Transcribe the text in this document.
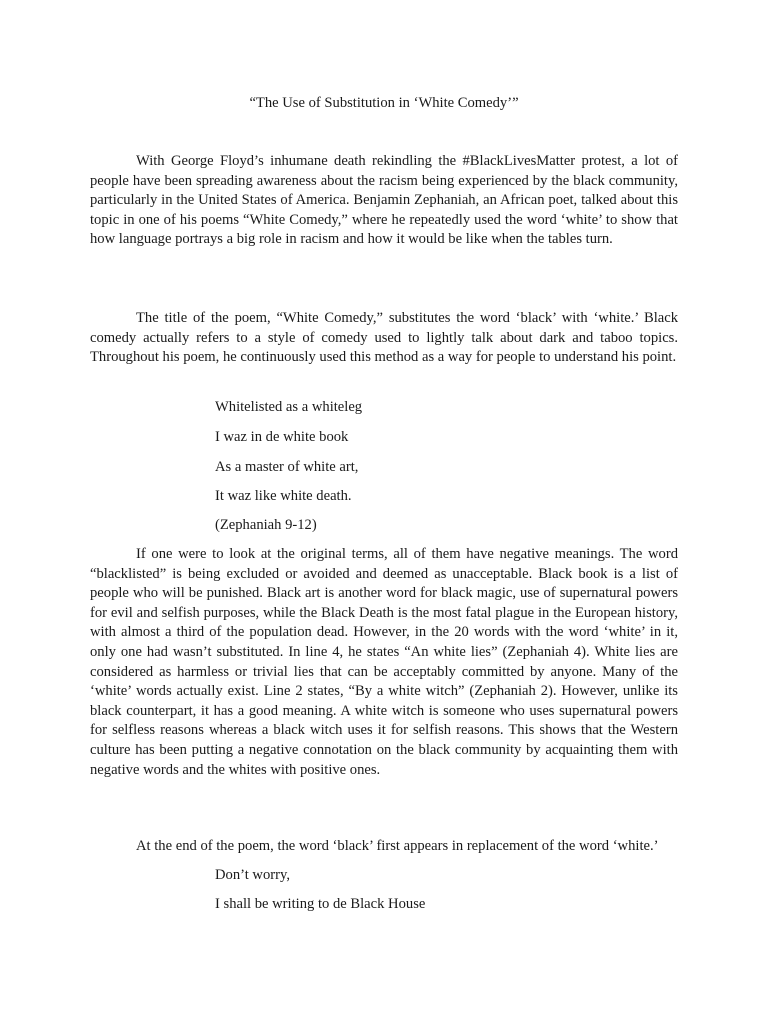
“The Use of Substitution in ‘White Comedy’”

With George Floyd’s inhumane death rekindling the #BlackLivesMatter protest, a lot of people have been spreading awareness about the racism being experienced by the black community, particularly in the United States of America. Benjamin Zephaniah, an African poet, talked about this topic in one of his poems “White Comedy,” where he repeatedly used the word ‘white’ to show that how language portrays a big role in racism and how it would be like when the tables turn.

The title of the poem, “White Comedy,” substitutes the word ‘black’ with ‘white.’ Black comedy actually refers to a style of comedy used to lightly talk about dark and taboo topics. Throughout his poem, he continuously used this method as a way for people to understand his point.

Whitelisted as a whiteleg
I waz in de white book
As a master of white art,
It waz like white death.
(Zephaniah 9-12)

If one were to look at the original terms, all of them have negative meanings. The word “blacklisted” is being excluded or avoided and deemed as unacceptable. Black book is a list of people who will be punished. Black art is another word for black magic, use of supernatural powers for evil and selfish purposes, while the Black Death is the most fatal plague in the European history, with almost a third of the population dead. However, in the 20 words with the word ‘white’ in it, only one had wasn’t substituted. In line 4, he states “An white lies” (Zephaniah 4). White lies are considered as harmless or trivial lies that can be acceptably committed by anyone. Many of the ‘white’ words actually exist. Line 2 states, “By a white witch” (Zephaniah 2). However, unlike its black counterpart, it has a good meaning. A white witch is someone who uses supernatural powers for selfless reasons whereas a black witch uses it for selfish reasons. This shows that the Western culture has been putting a negative connotation on the black community by acquainting them with negative words and the whites with positive ones.

At the end of the poem, the word ‘black’ first appears in replacement of the word ‘white.’

Don’t worry,
I shall be writing to de Black House
